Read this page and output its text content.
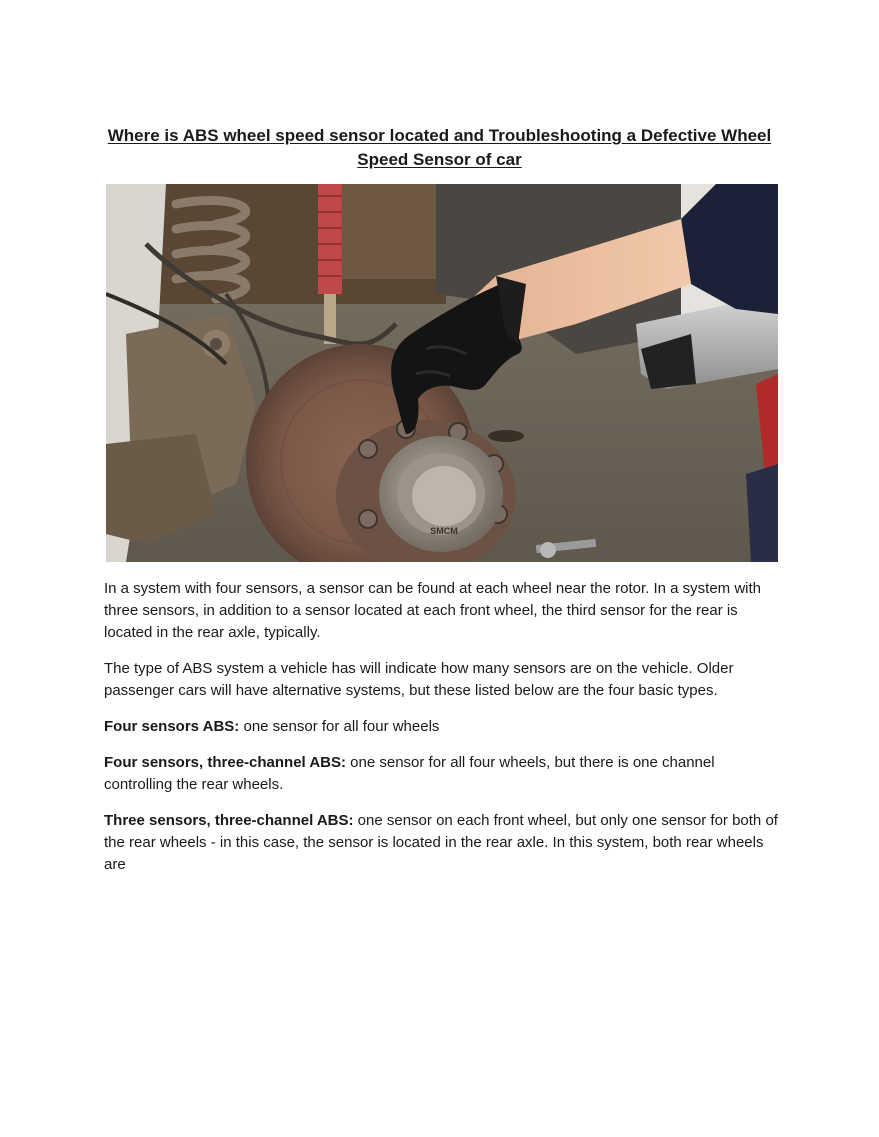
Where is ABS wheel speed sensor located and Troubleshooting a Defective Wheel Speed Sensor of car
SMCM

In a system with four sensors, a sensor can be found at each wheel near the rotor. In a system with three sensors, in addition to a sensor located at each front wheel, the third sensor for the rear is located in the rear axle, typically.

The type of ABS system a vehicle has will indicate how many sensors are on the vehicle. Older passenger cars will have alternative systems, but these listed below are the four basic types.

Four sensors ABS: one sensor for all four wheels

Four sensors, three-channel ABS: one sensor for all four wheels, but there is one channel controlling the rear wheels.

Three sensors, three-channel ABS: one sensor on each front wheel, but only one sensor for both of the rear wheels - in this case, the sensor is located in the rear axle. In this system, both rear wheels are
